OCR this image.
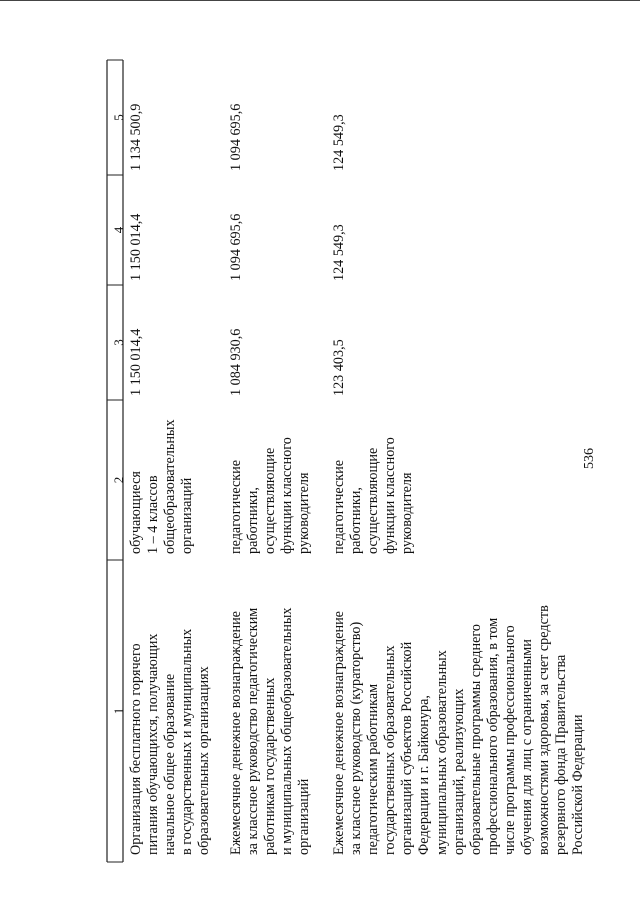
536
1
2
3
4
5
Организация бесплатного горячего
питания обучающихся, получающих
начальное общее образование
в государственных и муниципальных
образовательных организациях
обучающиеся
1 – 4 классов
общеобразовательных
организаций
1 150 014,4
1 150 014,4
1 134 500,9
Ежемесячное денежное вознаграждение
за классное руководство педагогическим
работникам государственных
и муниципальных общеобразовательных
организаций
педагогические
работники,
осуществляющие
функции классного
руководителя
1 084 930,6
1 094 695,6
1 094 695,6
Ежемесячное денежное вознаграждение
за классное руководство (кураторство)
педагогическим работникам
государственных образовательных
организаций субъектов Российской
Федерации и г. Байконура,
муниципальных образовательных
организаций, реализующих
образовательные программы среднего
профессионального образования, в том
числе программы профессионального
обучения для лиц с ограниченными
возможностями здоровья, за счет средств
резервного фонда Правительства
Российской Федерации
педагогические
работники,
осуществляющие
функции классного
руководителя
123 403,5
124 549,3
124 549,3
